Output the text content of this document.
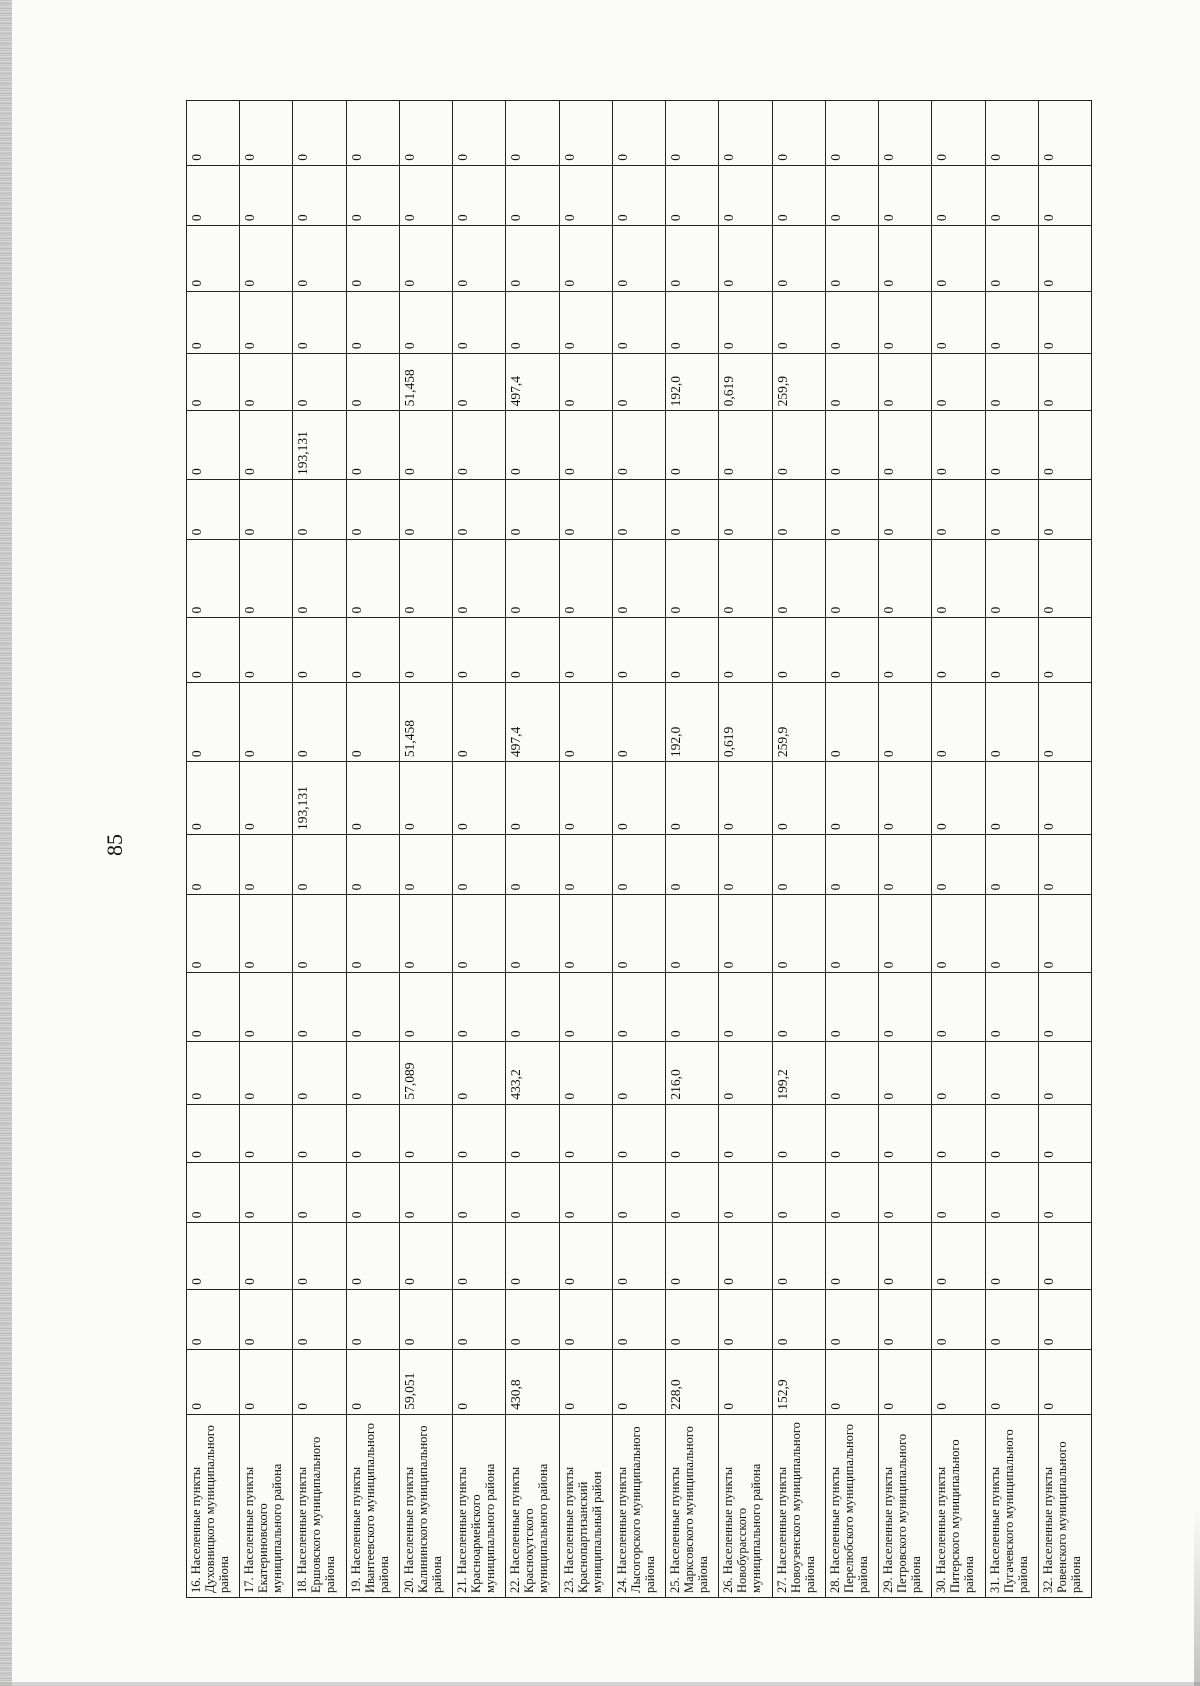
85
16. Населенные пункты Духовницкого муниципального района	0	0	0	0	0	0	0	0	0	0	0	0	0	0	0	0	0	0	0	0
17. Населенные пункты Екатериновского муниципального района	0	0	0	0	0	0	0	0	0	0	0	0	0	0	0	0	0	0	0	0
18. Населенные пункты Ершовского муниципального района	0	0	0	0	0	0	0	0	0	193,131	0	0	0	0	193,131	0	0	0	0	0
19. Населенные пункты Ивантеевского муниципального района	0	0	0	0	0	0	0	0	0	0	0	0	0	0	0	0	0	0	0	0
20. Населенные пункты Калининского муниципального района	59,051	0	0	0	0	57,089	0	0	0	0	51,458	0	0	0	0	51,458	0	0	0	0
21. Населенные пункты Красноармейского муниципального района	0	0	0	0	0	0	0	0	0	0	0	0	0	0	0	0	0	0	0	0
22. Населенные пункты Краснокутского муниципального района	430,8	0	0	0	0	433,2	0	0	0	0	497,4	0	0	0	0	497,4	0	0	0	0
23. Населенные пункты Краснопартизанский муниципальный район	0	0	0	0	0	0	0	0	0	0	0	0	0	0	0	0	0	0	0	0
24. Населенные пункты Лысогорского муниципального района	0	0	0	0	0	0	0	0	0	0	0	0	0	0	0	0	0	0	0	0
25. Населенные пункты Марксовского муниципального района	228,0	0	0	0	0	216,0	0	0	0	0	192,0	0	0	0	0	192,0	0	0	0	0
26. Населенные пункты Новобурасского муниципального района	0	0	0	0	0	0	0	0	0	0	0,619	0	0	0	0	0,619	0	0	0	0
27. Населенные пункты Новоузенского муниципального района	152,9	0	0	0	0	199,2	0	0	0	0	259,9	0	0	0	0	259,9	0	0	0	0
28. Населенные пункты Перелюбского муниципального района	0	0	0	0	0	0	0	0	0	0	0	0	0	0	0	0	0	0	0	0
29. Населенные пункты Петровского муниципального района	0	0	0	0	0	0	0	0	0	0	0	0	0	0	0	0	0	0	0	0
30. Населенные пункты Питерского муниципального района	0	0	0	0	0	0	0	0	0	0	0	0	0	0	0	0	0	0	0	0
31. Населенные пункты Пугачевского муниципального района	0	0	0	0	0	0	0	0	0	0	0	0	0	0	0	0	0	0	0	0
32. Населенные пункты Ровенского муниципального района	0	0	0	0	0	0	0	0	0	0	0	0	0	0	0	0	0	0	0	0
